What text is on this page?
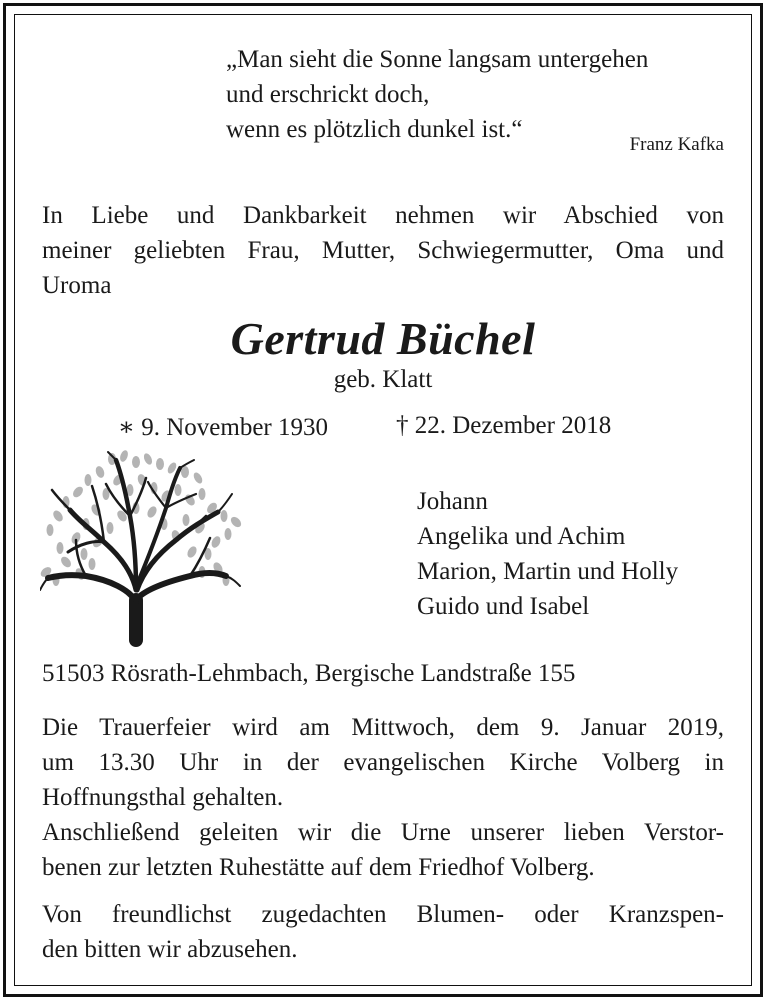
„Man sieht die Sonne langsam untergehen
und erschrickt doch,
wenn es plötzlich dunkel ist.“
Franz Kafka
In Liebe und Dankbarkeit nehmen wir Abschied von
meiner geliebten Frau, Mutter, Schwiegermutter, Oma und
Uroma
Gertrud Büchel
geb. Klatt
∗ 9. November 1930	† 22. Dezember 2018
Johann
Angelika und Achim
Marion, Martin und Holly
Guido und Isabel
51503 Rösrath-Lehmbach, Bergische Landstraße 155
Die Trauerfeier wird am Mittwoch, dem 9. Januar 2019,
um 13.30 Uhr in der evangelischen Kirche Volberg in
Hoffnungsthal gehalten.
Anschließend geleiten wir die Urne unserer lieben Verstor-
benen zur letzten Ruhestätte auf dem Friedhof Volberg.
Von freundlichst zugedachten Blumen- oder Kranzspen-
den bitten wir abzusehen.
